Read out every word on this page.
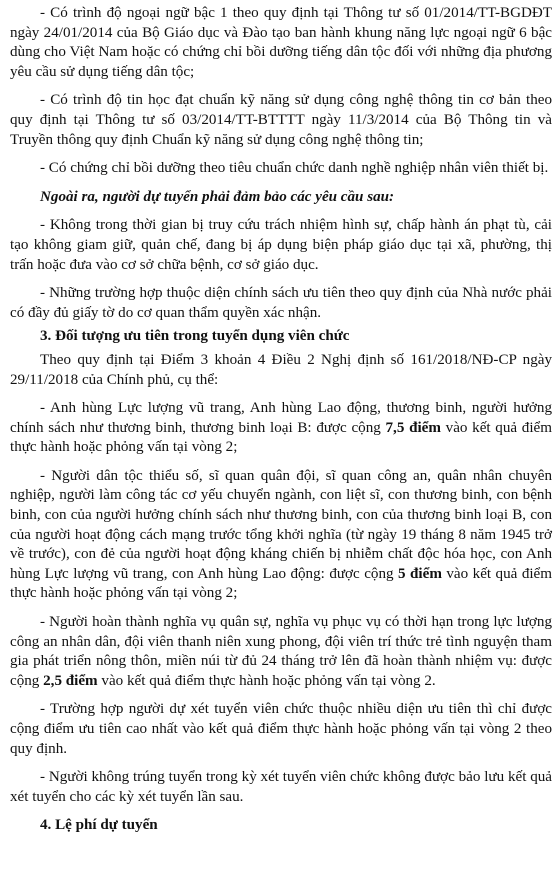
- Có trình độ ngoại ngữ bậc 1 theo quy định tại Thông tư số 01/2014/TT-BGDĐT ngày 24/01/2014 của Bộ Giáo dục và Đào tạo ban hành khung năng lực ngoại ngữ 6 bậc dùng cho Việt Nam hoặc có chứng chỉ bồi dưỡng tiếng dân tộc đối với những địa phương yêu cầu sử dụng tiếng dân tộc;

- Có trình độ tin học đạt chuẩn kỹ năng sử dụng công nghệ thông tin cơ bản theo quy định tại Thông tư số 03/2014/TT-BTTTT ngày 11/3/2014 của Bộ Thông tin và Truyền thông quy định Chuẩn kỹ năng sử dụng công nghệ thông tin;

- Có chứng chỉ bồi dưỡng theo tiêu chuẩn chức danh nghề nghiệp nhân viên thiết bị.

Ngoài ra, người dự tuyển phải đảm bảo các yêu cầu sau:

- Không trong thời gian bị truy cứu trách nhiệm hình sự, chấp hành án phạt tù, cải tạo không giam giữ, quản chế, đang bị áp dụng biện pháp giáo dục tại xã, phường, thị trấn hoặc đưa vào cơ sở chữa bệnh, cơ sở giáo dục.

- Những trường hợp thuộc diện chính sách ưu tiên theo quy định của Nhà nước phải có đầy đủ giấy tờ do cơ quan thẩm quyền xác nhận.

3. Đối tượng ưu tiên trong tuyển dụng viên chức

Theo quy định tại Điểm 3 khoản 4 Điều 2 Nghị định số 161/2018/NĐ-CP ngày 29/11/2018 của Chính phủ, cụ thể:

- Anh hùng Lực lượng vũ trang, Anh hùng Lao động, thương binh, người hưởng chính sách như thương binh, thương binh loại B: được cộng 7,5 điểm vào kết quả điểm thực hành hoặc phỏng vấn tại vòng 2;

- Người dân tộc thiểu số, sĩ quan quân đội, sĩ quan công an, quân nhân chuyên nghiệp, người làm công tác cơ yếu chuyển ngành, con liệt sĩ, con thương binh, con bệnh binh, con của người hưởng chính sách như thương binh, con của thương binh loại B, con của người hoạt động cách mạng trước tổng khởi nghĩa (từ ngày 19 tháng 8 năm 1945 trở về trước), con đẻ của người hoạt động kháng chiến bị nhiễm chất độc hóa học, con Anh hùng Lực lượng vũ trang, con Anh hùng Lao động: được cộng 5 điểm vào kết quả điểm thực hành hoặc phỏng vấn tại vòng 2;

- Người hoàn thành nghĩa vụ quân sự, nghĩa vụ phục vụ có thời hạn trong lực lượng công an nhân dân, đội viên thanh niên xung phong, đội viên trí thức trẻ tình nguyện tham gia phát triển nông thôn, miền núi từ đủ 24 tháng trở lên đã hoàn thành nhiệm vụ: được cộng 2,5 điểm vào kết quả điểm thực hành hoặc phỏng vấn tại vòng 2.

- Trường hợp người dự xét tuyển viên chức thuộc nhiều diện ưu tiên thì chỉ được cộng điểm ưu tiên cao nhất vào kết quả điểm thực hành hoặc phỏng vấn tại vòng 2 theo quy định.

- Người không trúng tuyển trong kỳ xét tuyển viên chức không được bảo lưu kết quả xét tuyển cho các kỳ xét tuyển lần sau.

4. Lệ phí dự tuyển
